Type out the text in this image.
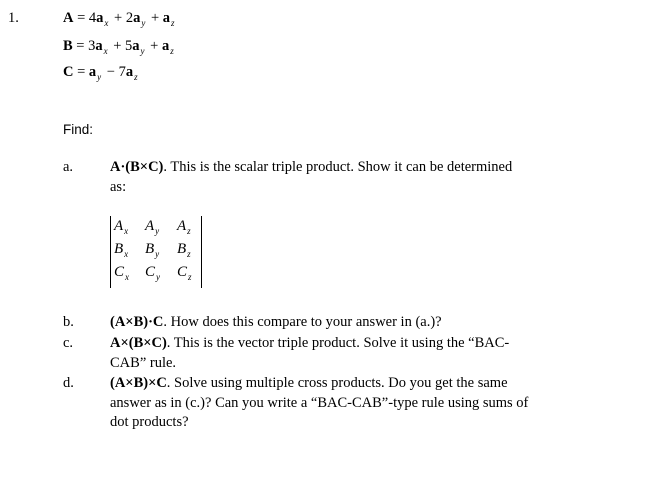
1.	$A = 4a_x + 2a_y + a_z$
$B = 3a_x + 5a_y + a_z$
$C = a_y - 7a_z$
Find:
a.	A·(B×C). This is the scalar triple product. Show it can be determined
as:
$A_x$ $A_y$ $A_z$
$B_x$ $B_y$ $B_z$
$C_x$ $C_y$ $C_z$
b. (A×B)·C. How does this compare to your answer in (a.)?
c.	A×(B×C). This is the vector triple product. Solve it using the “BAC-
CAB” rule.
d. (A×B)×C. Solve using multiple cross products. Do you get the same
answer as in (c.)? Can you write a “BAC-CAB”-type rule using sums of
dot products?
